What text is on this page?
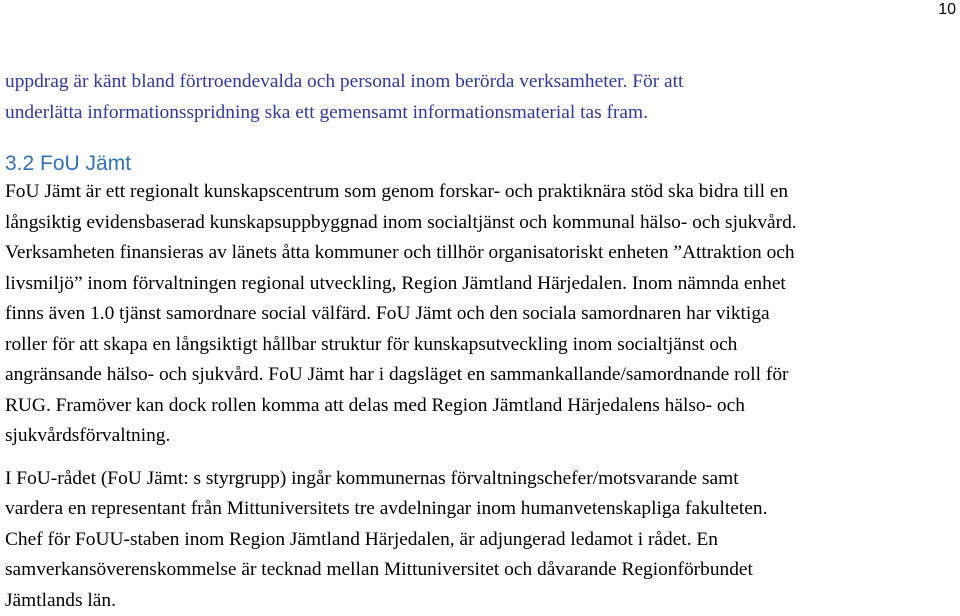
10

uppdrag är känt bland förtroendevalda och personal inom berörda verksamheter. För att
underlätta informationsspridning ska ett gemensamt informationsmaterial tas fram.

3.2 FoU Jämt

FoU Jämt är ett regionalt kunskapscentrum som genom forskar- och praktiknära stöd ska bidra till en
långsiktig evidensbaserad kunskapsuppbyggnad inom socialtjänst och kommunal hälso- och sjukvård.
Verksamheten finansieras av länets åtta kommuner och tillhör organisatoriskt enheten ”Attraktion och
livsmiljö” inom förvaltningen regional utveckling, Region Jämtland Härjedalen. Inom nämnda enhet
finns även 1.0 tjänst samordnare social välfärd. FoU Jämt och den sociala samordnaren har viktiga
roller för att skapa en långsiktigt hållbar struktur för kunskapsutveckling inom socialtjänst och
angränsande hälso- och sjukvård. FoU Jämt har i dagsläget en sammankallande/samordnande roll för
RUG. Framöver kan dock rollen komma att delas med Region Jämtland Härjedalens hälso- och
sjukvårdsförvaltning.

I FoU-rådet (FoU Jämt: s styrgrupp) ingår kommunernas förvaltningschefer/motsvarande samt
vardera en representant från Mittuniversitets tre avdelningar inom humanvetenskapliga fakulteten.
Chef för FoUU-staben inom Region Jämtland Härjedalen, är adjungerad ledamot i rådet. En
samverkansöverenskommelse är tecknad mellan Mittuniversitet och dåvarande Regionförbundet
Jämtlands län.
